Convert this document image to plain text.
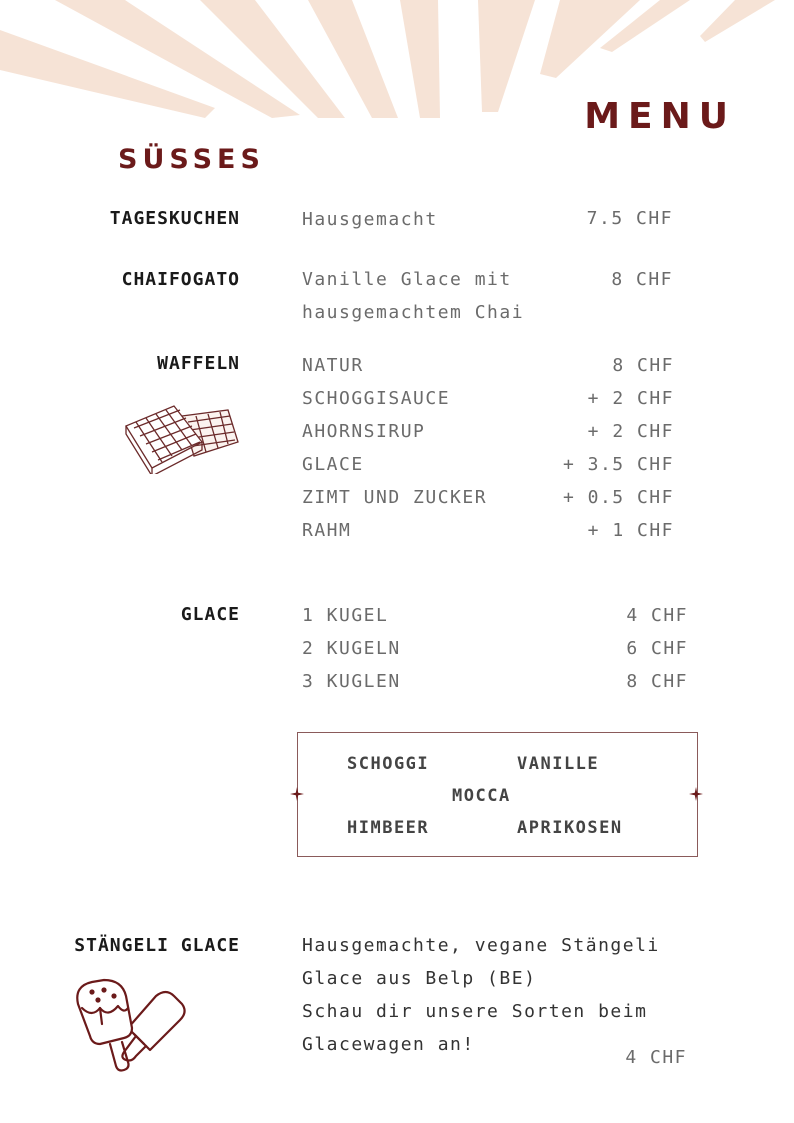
MENU
SÜSSES
TAGESKUCHEN	Hausgemacht	7.5 CHF
CHAIFOGATO	Vanille Glace mit
hausgemachtem Chai
8 CHF
WAFFELN	NATUR	8 CHF
SCHOGGISAUCE	+ 2 CHF
AHORNSIRUP	+ 2 CHF
GLACE	+ 3.5 CHF
ZIMT UND ZUCKER	+ 0.5 CHF
RAHM	+ 1 CHF
GLACE	1 KUGEL	4 CHF
2 KUGELN	6 CHF
3 KUGLEN	8 CHF
SCHOGGI	VANILLE
MOCCA
HIMBEER	APRIKOSEN
STÄNGELI GLACE	Hausgemachte, vegane Stängeli
Glace aus Belp (BE)
Schau dir unsere Sorten beim
Glacewagen an!
4 CHF
